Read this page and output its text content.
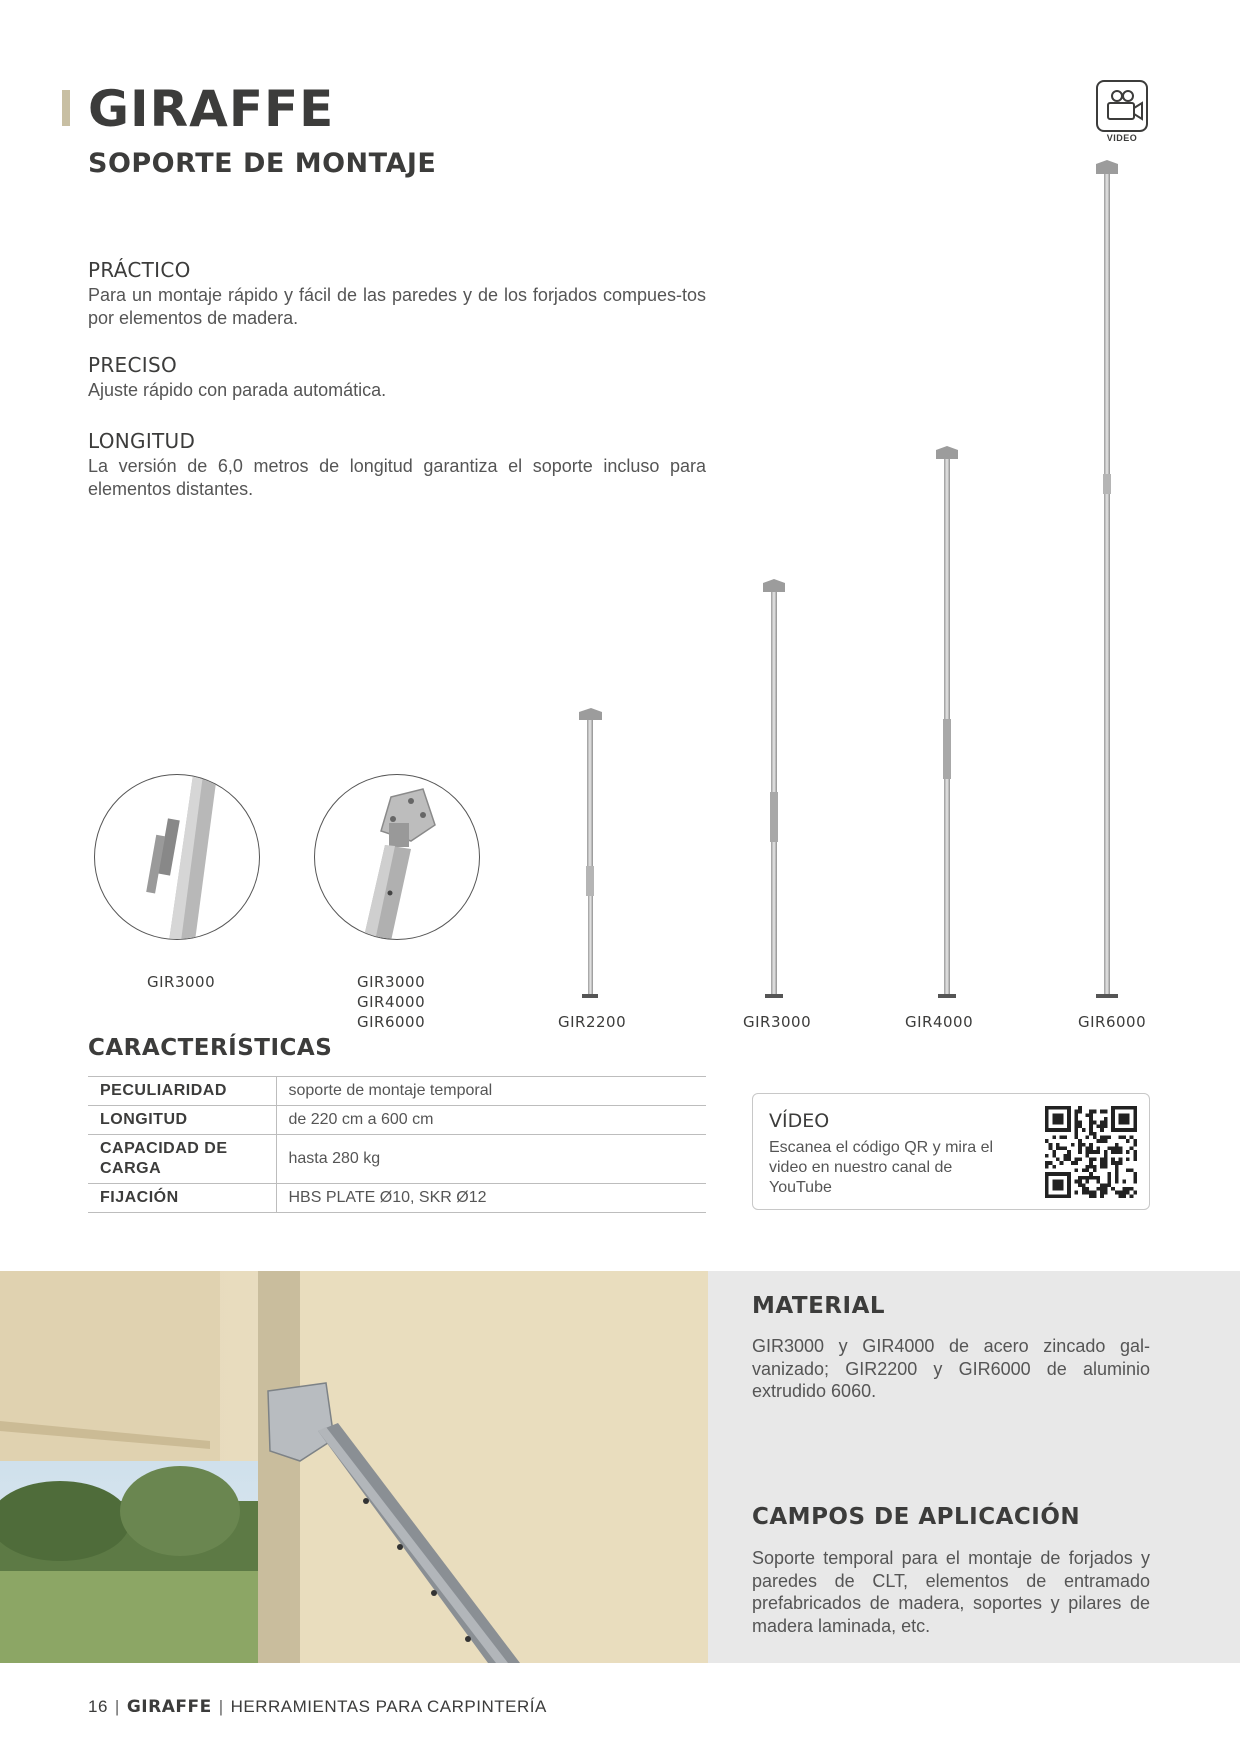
GIRAFFE
SOPORTE DE MONTAJE
VIDEO
PRÁCTICO

Para un montaje rápido y fácil de las paredes y de los forjados compues-tos por elementos de madera.

PRECISO

Ajuste rápido con parada automática.

LONGITUD

La versión de 6,0 metros de longitud garantiza el soporte incluso para elementos distantes.

GIR3000	GIR3000
GIR4000
GIR6000	GIR2200	GIR3000	GIR4000	GIR6000
CARACTERÍSTICAS
PECULIARIDAD	soporte de montaje temporal
LONGITUD	de 220 cm a 600 cm
CAPACIDAD DE CARGA	hasta 280 kg
FIJACIÓN	HBS PLATE Ø10, SKR Ø12
VÍDEO

Escanea el código QR y mira el video en nuestro canal de YouTube

MATERIAL

GIR3000 y GIR4000 de acero zincado gal-vanizado; GIR2200 y GIR6000 de aluminio extrudido 6060.

CAMPOS DE APLICACIÓN

Soporte temporal para el montaje de forjados y paredes de CLT, elementos de entramado prefabricados de madera, soportes y pilares de madera laminada, etc.

16 | GIRAFFE | HERRAMIENTAS PARA CARPINTERÍA
